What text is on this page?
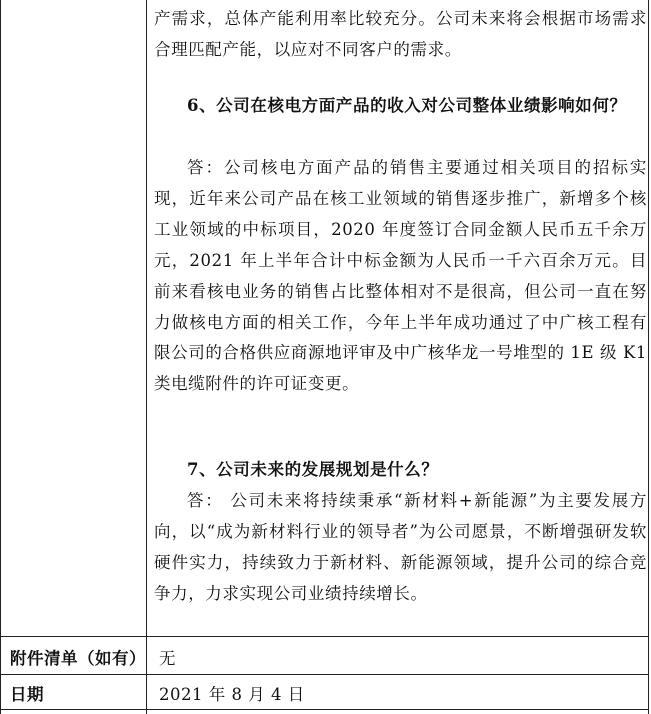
产需求，总体产能利用率比较充分。公司未来将会根据市场需求合理匹配产能，以应对不同客户的需求。

6、公司在核电方面产品的收入对公司整体业绩影响如何？

答：公司核电方面产品的销售主要通过相关项目的招标实现，近年来公司产品在核工业领域的销售逐步推广，新增多个核工业领域的中标项目，2020 年度签订合同金额人民币五千余万元，2021 年上半年合计中标金额为人民币一千六百余万元。目前来看核电业务的销售占比整体相对不是很高，但公司一直在努力做核电方面的相关工作，今年上半年成功通过了中广核工程有限公司的合格供应商源地评审及中广核华龙一号堆型的 1E 级 K1 类电缆附件的许可证变更。

7、公司未来的发展规划是什么？

答： 公司未来将持续秉承“新材料+新能源”为主要发展方向，以“成为新材料行业的领导者”为公司愿景，不断增强研发软硬件实力，持续致力于新材料、新能源领域，提升公司的综合竞争力，力求实现公司业绩持续增长。

附件清单（如有） 无
日期	2021 年 8 月 4 日
